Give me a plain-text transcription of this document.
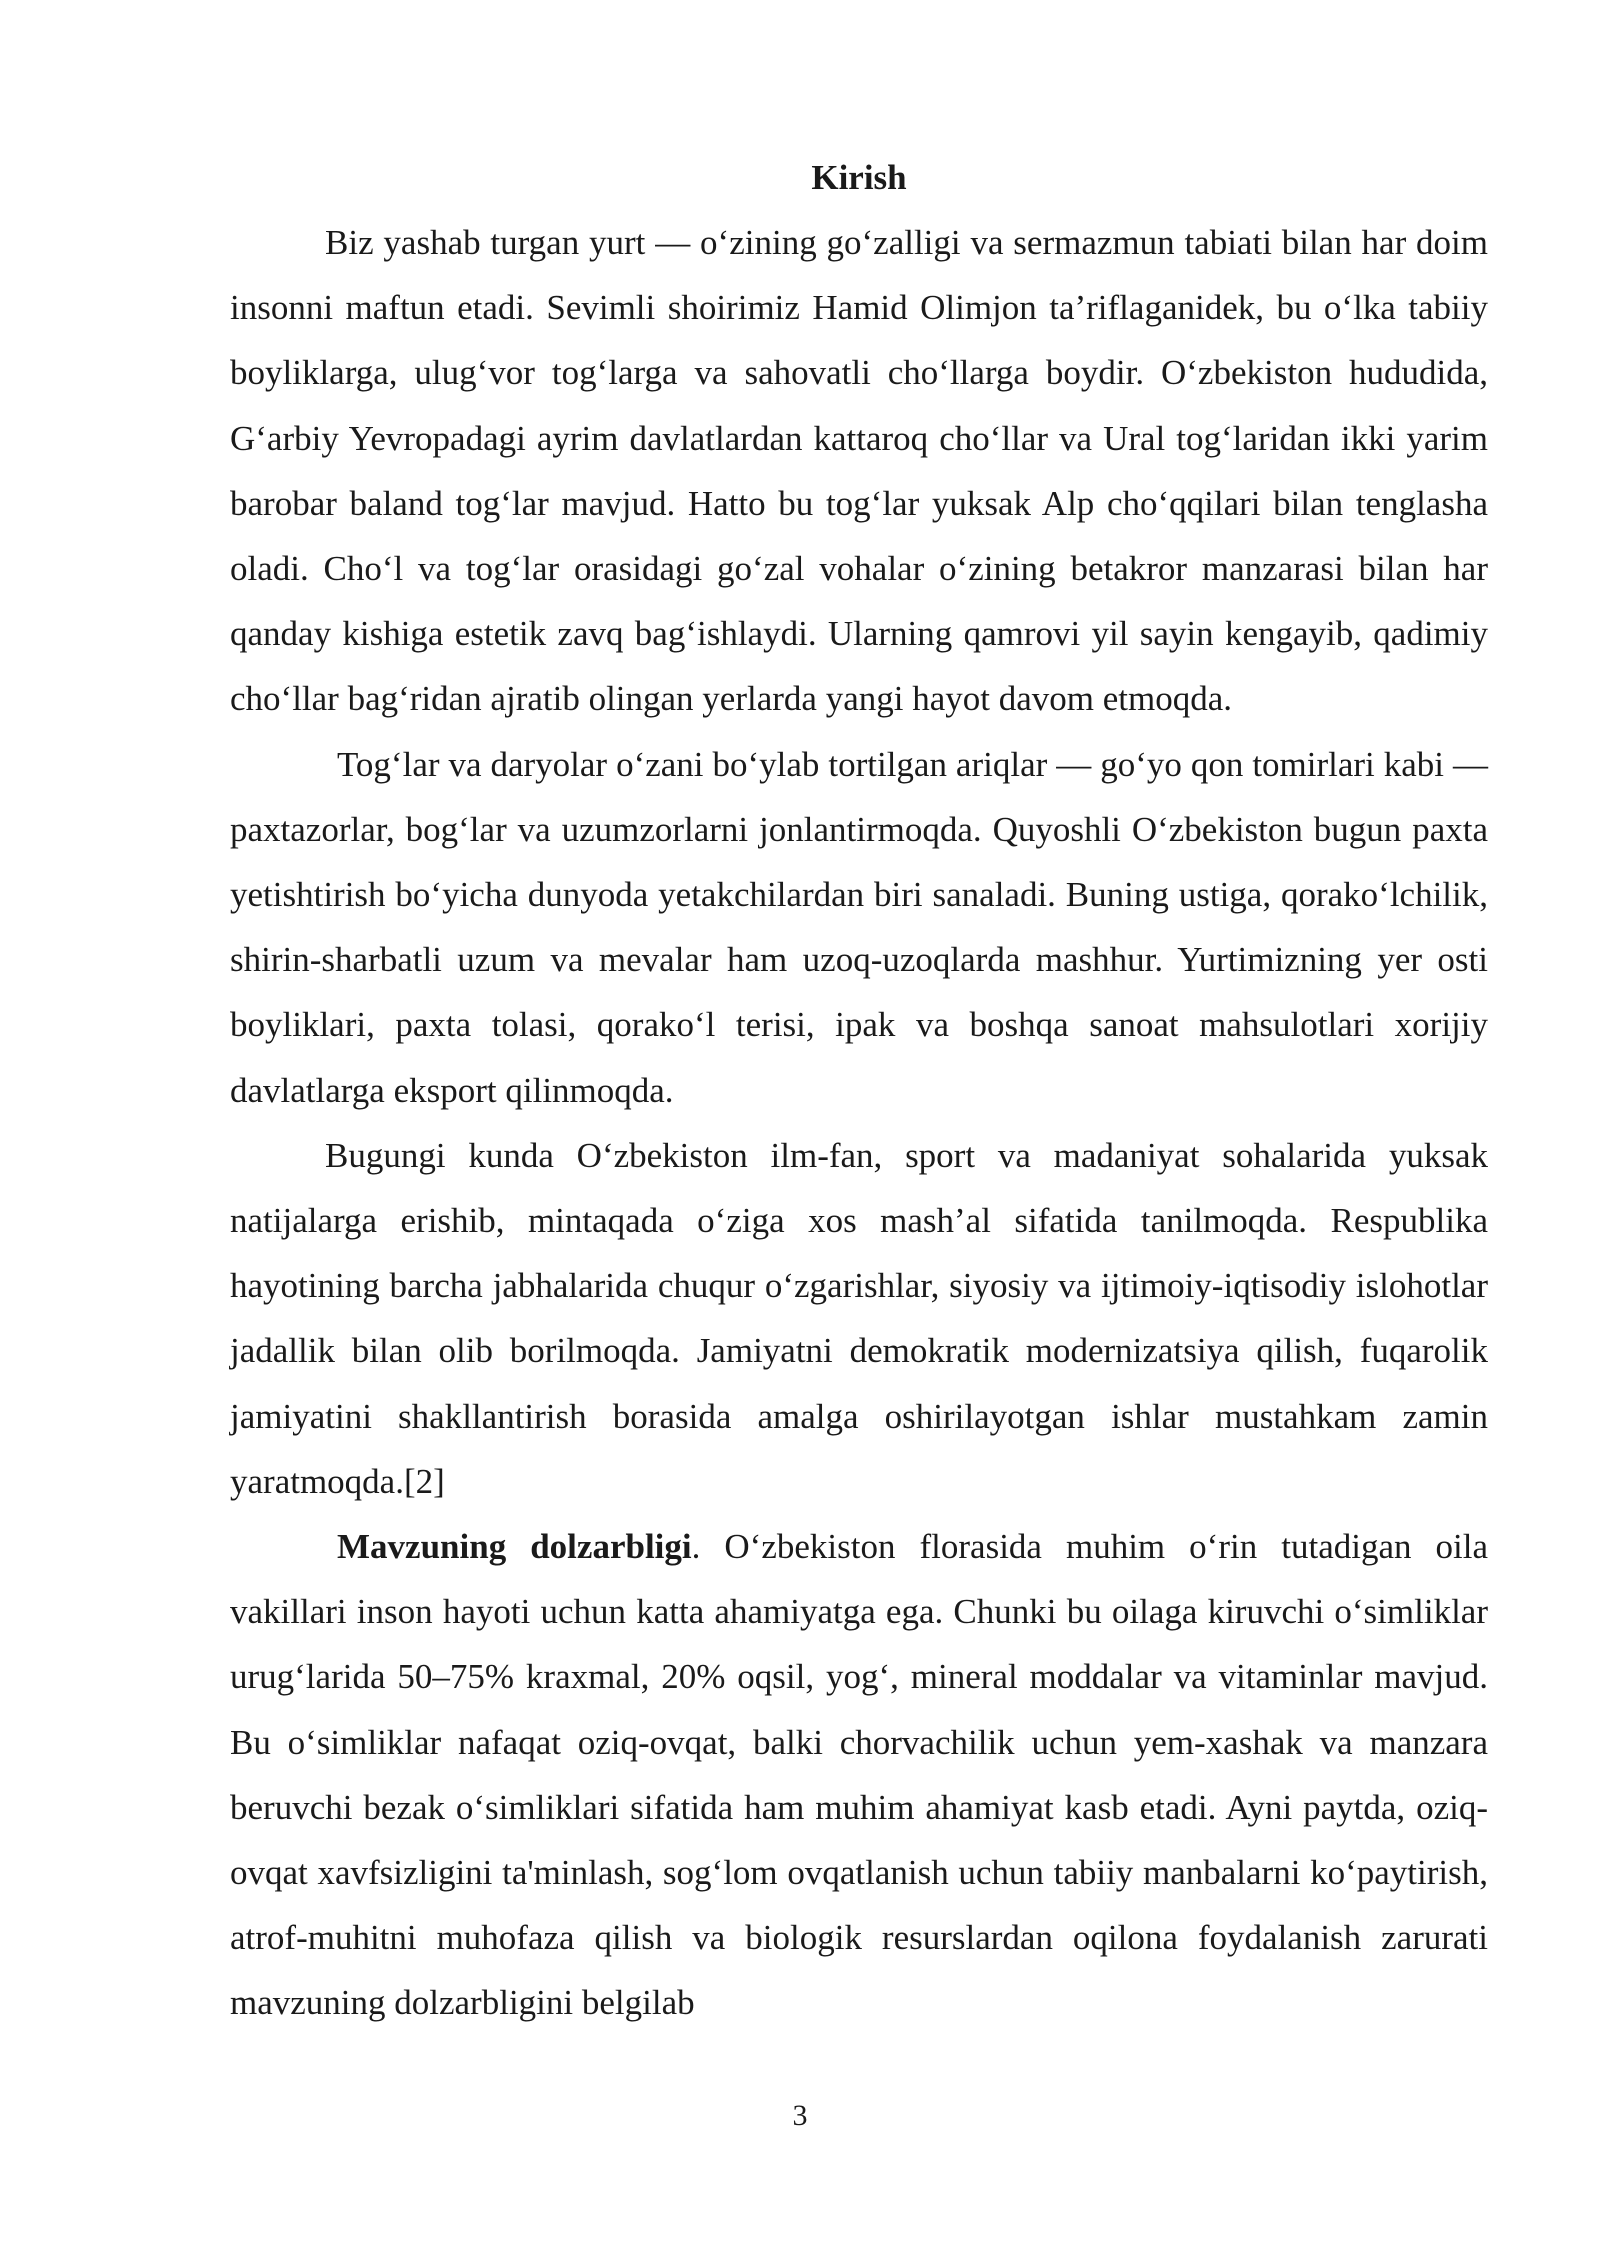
Kirish

Biz yashab turgan yurt — o‘zining go‘zalligi va sermazmun tabiati bilan har doim insonni maftun etadi. Sevimli shoirimiz Hamid Olimjon ta’riflaganidek, bu o‘lka tabiiy boyliklarga, ulug‘vor tog‘larga va sahovatli cho‘llarga boydir. O‘zbekiston hududida, G‘arbiy Yevropadagi ayrim davlatlardan kattaroq cho‘llar va Ural tog‘laridan ikki yarim barobar baland tog‘lar mavjud. Hatto bu tog‘lar yuksak Alp cho‘qqilari bilan tenglasha oladi. Cho‘l va tog‘lar orasidagi go‘zal vohalar o‘zining betakror manzarasi bilan har qanday kishiga estetik zavq bag‘ishlaydi. Ularning qamrovi yil sayin kengayib, qadimiy cho‘llar bag‘ridan ajratib olingan yerlarda yangi hayot davom etmoqda.

Tog‘lar va daryolar o‘zani bo‘ylab tortilgan ariqlar — go‘yo qon tomirlari kabi — paxtazorlar, bog‘lar va uzumzorlarni jonlantirmoqda. Quyoshli O‘zbekiston bugun paxta yetishtirish bo‘yicha dunyoda yetakchilardan biri sanaladi. Buning ustiga, qorako‘lchilik, shirin-sharbatli uzum va mevalar ham uzoq-uzoqlarda mashhur. Yurtimizning yer osti boyliklari, paxta tolasi, qorako‘l terisi, ipak va boshqa sanoat mahsulotlari xorijiy davlatlarga eksport qilinmoqda.

Bugungi kunda O‘zbekiston ilm-fan, sport va madaniyat sohalarida yuksak natijalarga erishib, mintaqada o‘ziga xos mash’al sifatida tanilmoqda. Respublika hayotining barcha jabhalarida chuqur o‘zgarishlar, siyosiy va ijtimoiy-iqtisodiy islohotlar jadallik bilan olib borilmoqda. Jamiyatni demokratik modernizatsiya qilish, fuqarolik jamiyatini shakllantirish borasida amalga oshirilayotgan ishlar mustahkam zamin yaratmoqda.[2]

Mavzuning dolzarbligi. O‘zbekiston florasida muhim o‘rin tutadigan oila vakillari inson hayoti uchun katta ahamiyatga ega. Chunki bu oilaga kiruvchi o‘simliklar urug‘larida 50–75% kraxmal, 20% oqsil, yog‘, mineral moddalar va vitaminlar mavjud. Bu o‘simliklar nafaqat oziq-ovqat, balki chorvachilik uchun yem-xashak va manzara beruvchi bezak o‘simliklari sifatida ham muhim ahamiyat kasb etadi. Ayni paytda, oziq-ovqat xavfsizligini ta'minlash, sog‘lom ovqatlanish uchun tabiiy manbalarni ko‘paytirish, atrof-muhitni muhofaza qilish va biologik resurslardan oqilona foydalanish zarurati mavzuning dolzarbligini belgilab

3
